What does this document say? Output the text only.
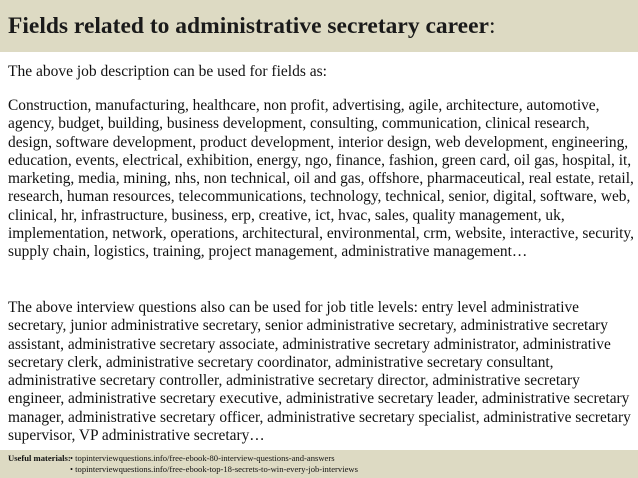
Fields related to administrative secretary career:

The above job description can be used for fields as:

Construction, manufacturing, healthcare, non profit, advertising, agile, architecture, automotive, agency, budget, building, business development, consulting, communication, clinical research, design, software development, product development, interior design, web development, engineering, education, events, electrical, exhibition, energy, ngo, finance, fashion, green card, oil gas, hospital, it, marketing, media, mining, nhs, non technical, oil and gas, offshore, pharmaceutical, real estate, retail, research, human resources, telecommunications, technology, technical, senior, digital, software, web, clinical, hr, infrastructure, business, erp, creative, ict, hvac, sales, quality management, uk, implementation, network, operations, architectural, environmental, crm, website, interactive, security, supply chain, logistics, training, project management, administrative management…

The above interview questions also can be used for job title levels: entry level administrative secretary, junior administrative secretary, senior administrative secretary, administrative secretary assistant, administrative secretary associate, administrative secretary administrator, administrative secretary clerk, administrative secretary coordinator, administrative secretary consultant, administrative secretary controller, administrative secretary director, administrative secretary engineer, administrative secretary executive, administrative secretary leader, administrative secretary manager, administrative secretary officer, administrative secretary specialist, administrative secretary supervisor, VP administrative secretary…

Useful materials:• topinterviewquestions.info/free-ebook-80-interview-questions-and-answers
• topinterviewquestions.info/free-ebook-top-18-secrets-to-win-every-job-interviews
